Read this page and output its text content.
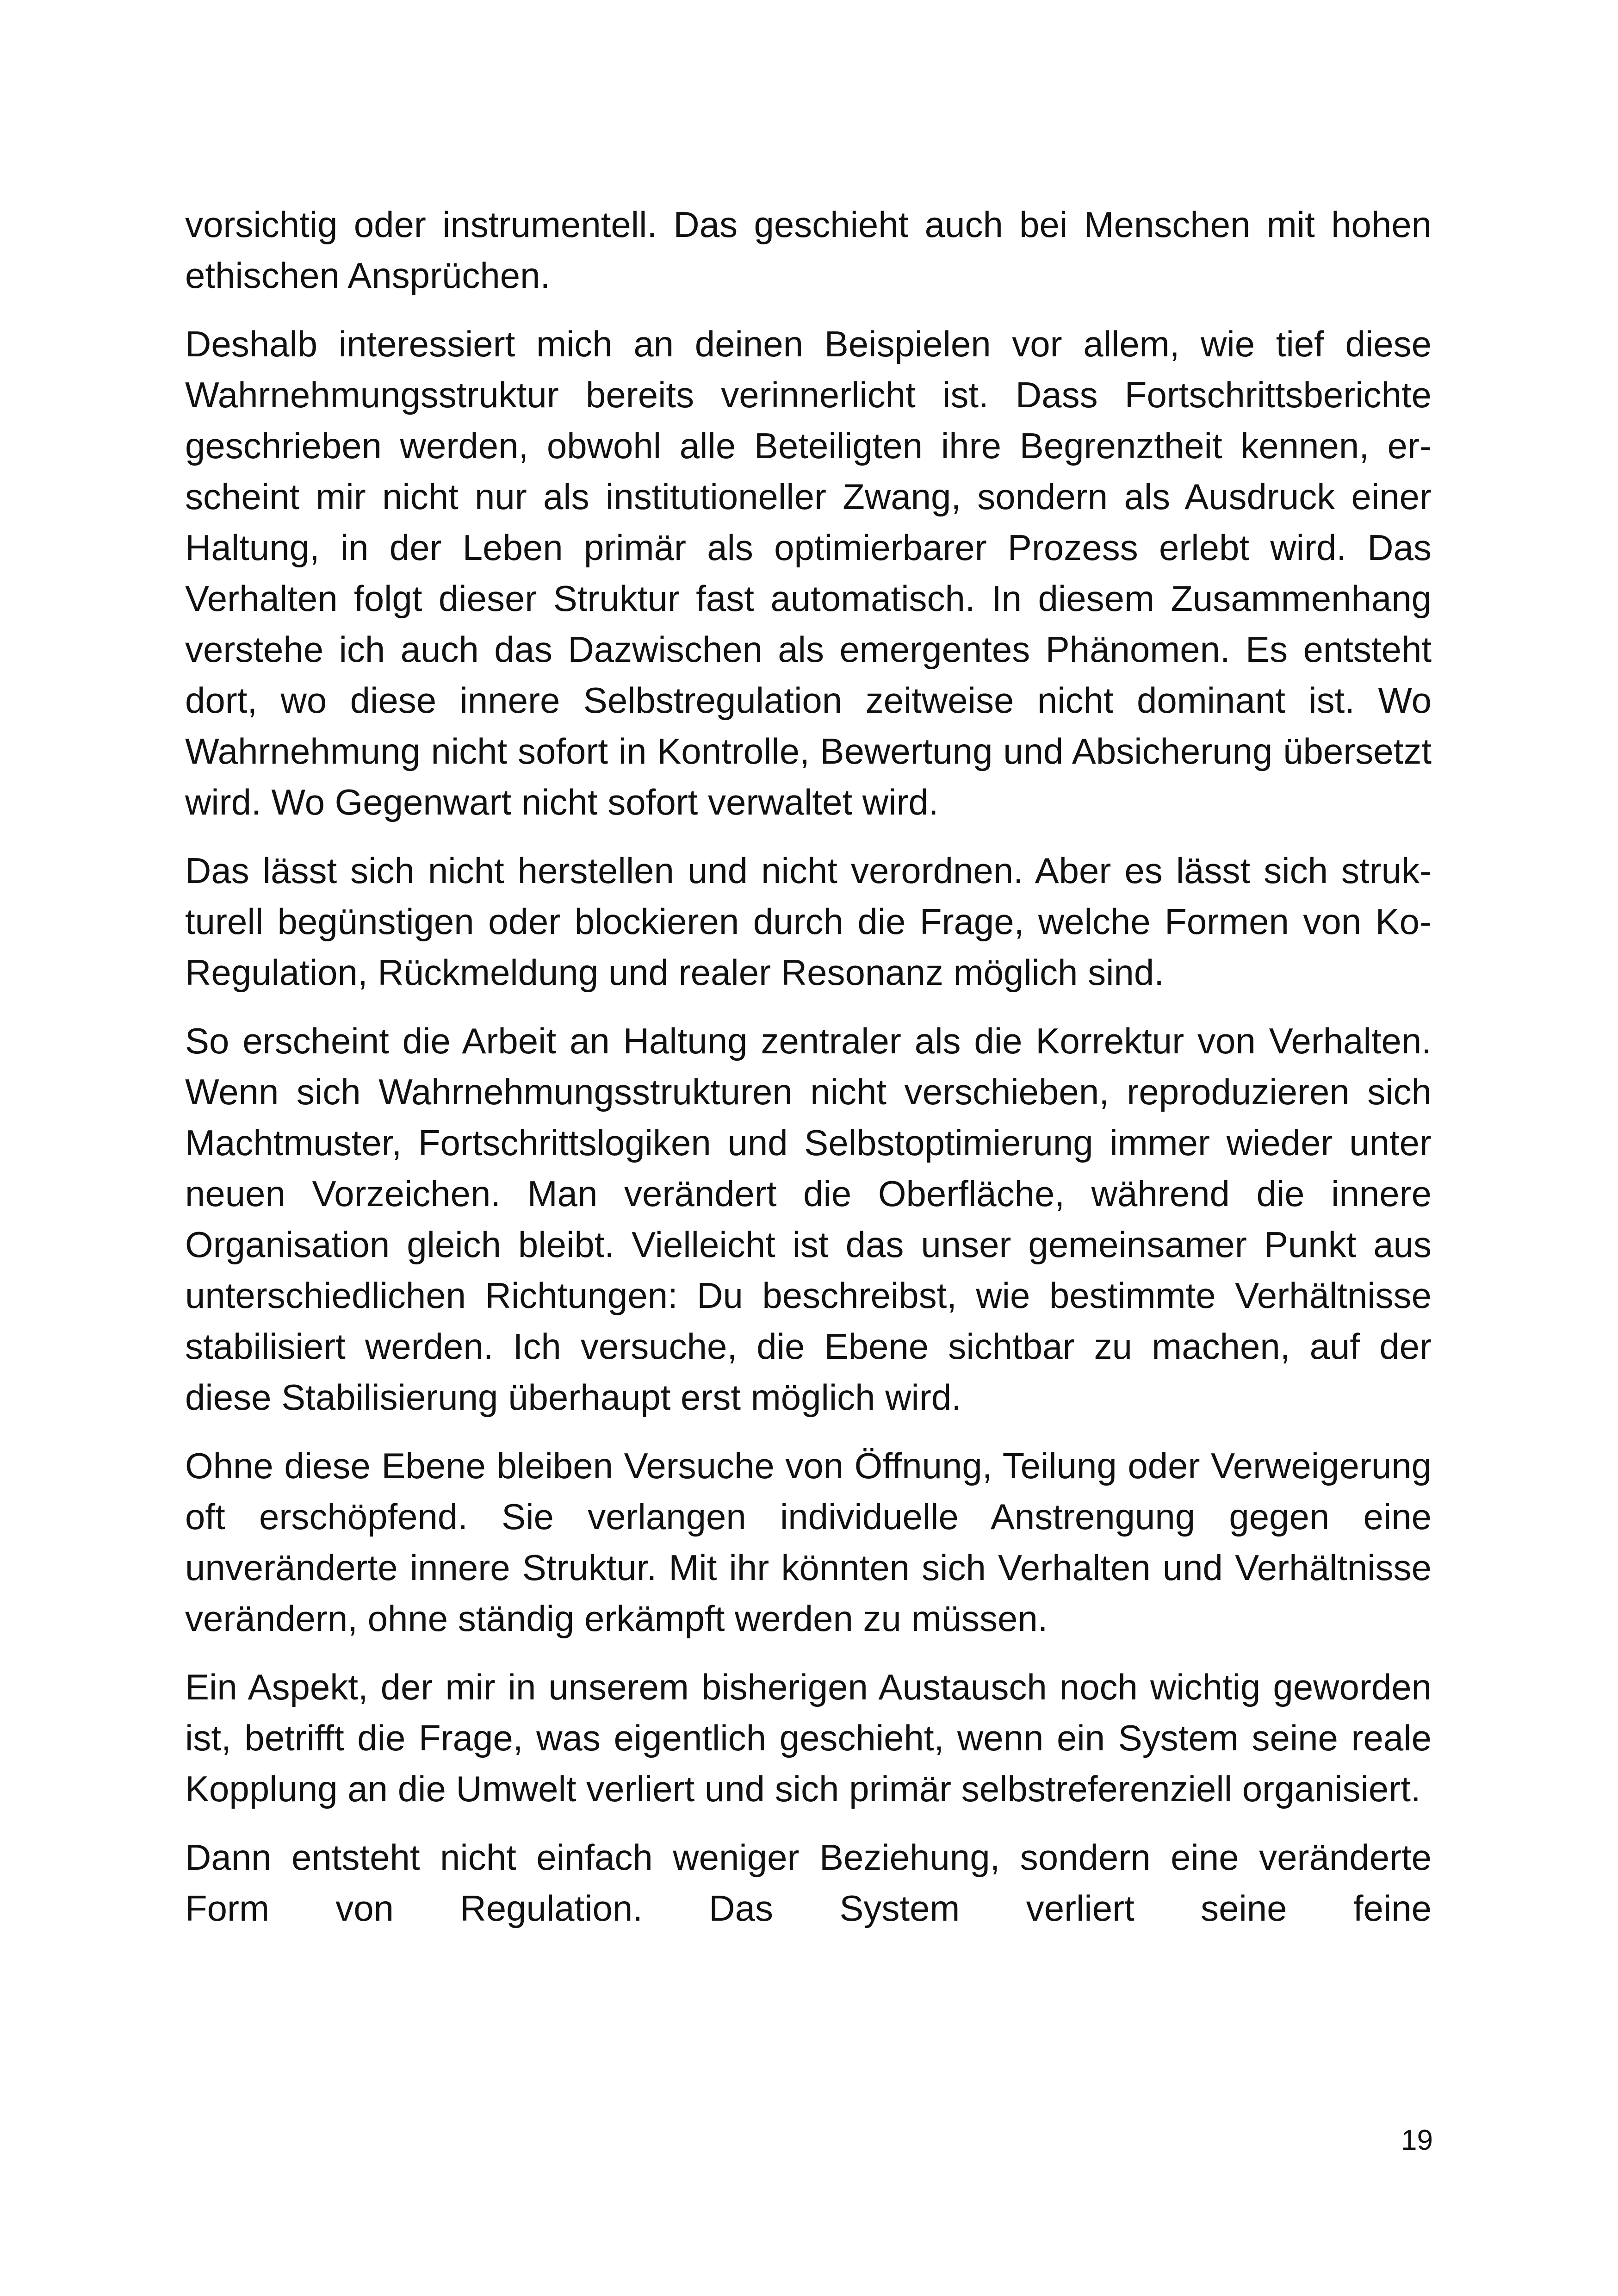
vorsichtig oder instrumentell. Das geschieht auch bei Menschen mit hohen ethischen Ansprüchen.

Deshalb interessiert mich an deinen Beispielen vor allem, wie tief diese Wahrnehmungsstruktur bereits verinnerlicht ist. Dass Fortschrittsberichte geschrieben werden, obwohl alle Beteiligten ihre Begrenztheit kennen, erscheint mir nicht nur als institutioneller Zwang, sondern als Ausdruck einer Haltung, in der Leben primär als optimierbarer Prozess erlebt wird. Das Verhalten folgt dieser Struktur fast automatisch. In diesem Zusammenhang verstehe ich auch das Dazwischen als emergentes Phänomen. Es entsteht dort, wo diese innere Selbstregulation zeitweise nicht dominant ist. Wo Wahrnehmung nicht sofort in Kontrolle, Bewertung und Absicherung übersetzt wird. Wo Gegenwart nicht sofort verwaltet wird.

Das lässt sich nicht herstellen und nicht verordnen. Aber es lässt sich strukturell begünstigen oder blockieren durch die Frage, welche Formen von Ko-Regulation, Rückmeldung und realer Resonanz möglich sind.

So erscheint die Arbeit an Haltung zentraler als die Korrektur von Verhalten. Wenn sich Wahrnehmungsstrukturen nicht verschieben, reproduzieren sich Machtmuster, Fortschrittslogiken und Selbstoptimierung immer wieder unter neuen Vorzeichen. Man verändert die Oberfläche, während die innere Organisation gleich bleibt. Vielleicht ist das unser gemeinsamer Punkt aus unterschiedlichen Richtungen: Du beschreibst, wie bestimmte Verhältnisse stabilisiert werden. Ich versuche, die Ebene sichtbar zu machen, auf der diese Stabilisierung überhaupt erst möglich wird.

Ohne diese Ebene bleiben Versuche von Öffnung, Teilung oder Verweigerung oft erschöpfend. Sie verlangen individuelle Anstrengung gegen eine unveränderte innere Struktur. Mit ihr könnten sich Verhalten und Verhältnisse verändern, ohne ständig erkämpft werden zu müssen.

Ein Aspekt, der mir in unserem bisherigen Austausch noch wichtig geworden ist, betrifft die Frage, was eigentlich geschieht, wenn ein System seine reale Kopplung an die Umwelt verliert und sich primär selbstreferenziell organisiert.

Dann entsteht nicht einfach weniger Beziehung, sondern eine veränderte Form von Regulation. Das System verliert seine feine

19
